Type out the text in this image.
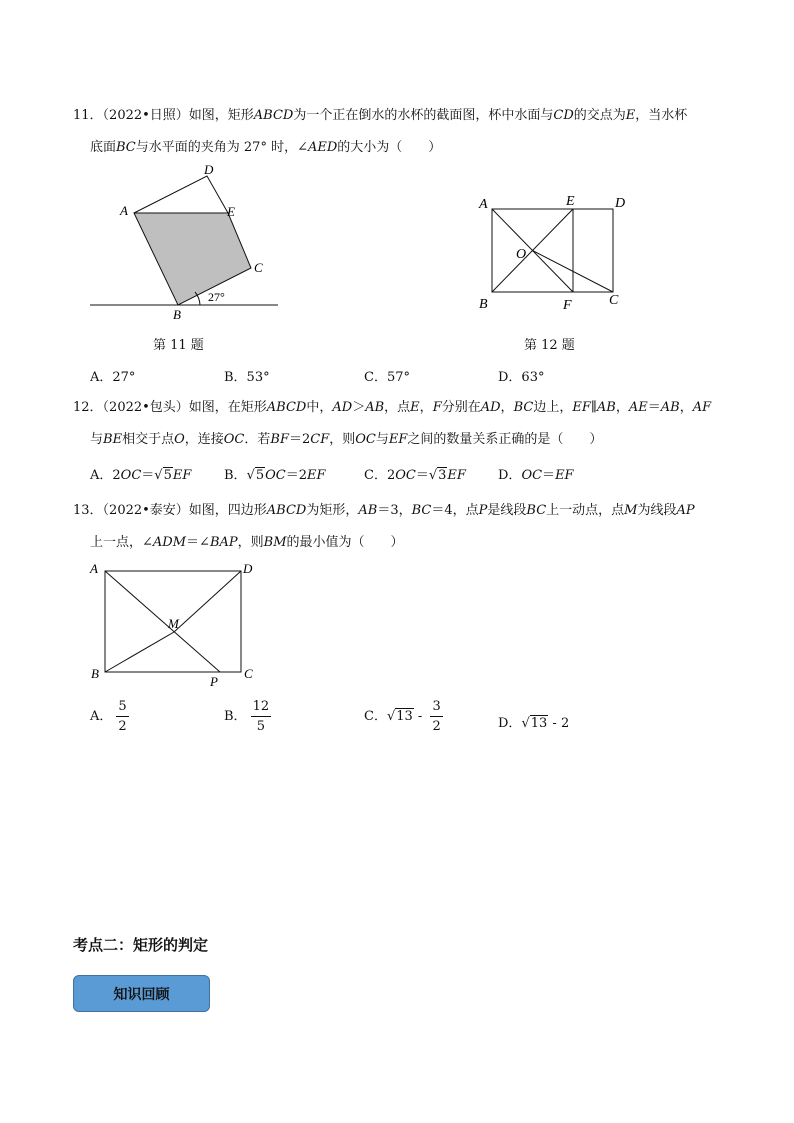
11．（2022•日照）如图，矩形ABCD为一个正在倒水的水杯的截面图，杯中水面与CD的交点为E，当水杯
底面BC与水平面的夹角为 27° 时，∠AED的大小为（　　）
D
A	E
C
B
27°
第 11 题
A	E	D
O
B	F	C
第 12 题
A．27°	B．53°	C．57°	D．63°
12．（2022•包头）如图，在矩形ABCD中，AD＞AB，点E，F分别在AD，BC边上，EF∥AB，AE＝AB，AF
与BE相交于点O，连接OC．若BF＝2CF，则OC与EF之间的数量关系正确的是（　　）
A．2OC＝√5EF	B．√5OC＝2EF	C．2OC＝√3EF D．OC＝EF
13．（2022•泰安）如图，四边形ABCD为矩形，AB＝3，BC＝4，点P是线段BC上一动点，点M为线段AP
上一点，∠ADM＝∠BAP，则BM的最小值为（　　）
A	D
M
B	C
P
A． $\frac{5}{2}$	B． $\frac{12}{5}$	C．$√13 - \frac{3}{2}$	D．√13 - 2
考点二：矩形的判定
知识回顾
